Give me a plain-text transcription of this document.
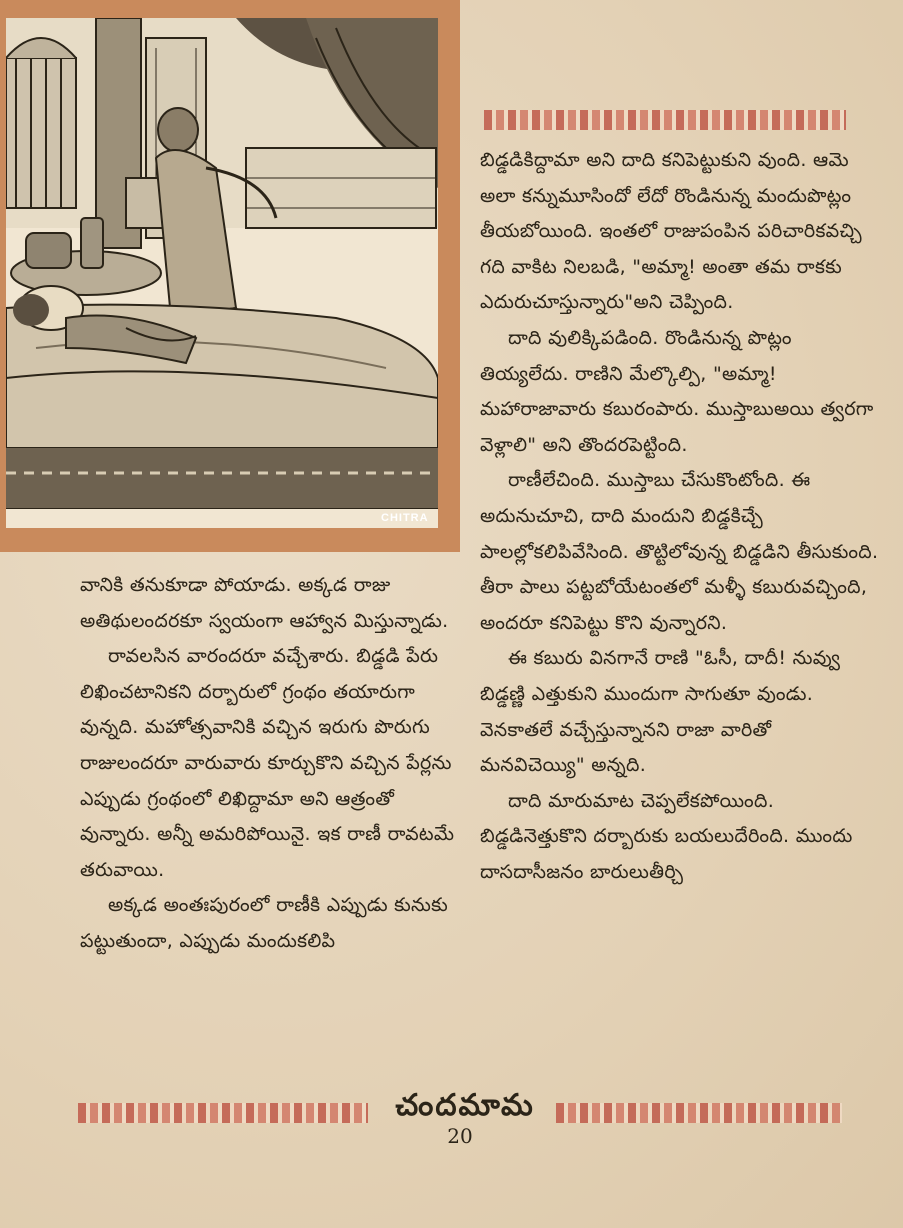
CHITRA

బిడ్డడికిద్దామా అని దాది కనిపెట్టుకుని వుంది. ఆమె అలా కన్నుమూసిందో లేదో రొండినున్న మందుపొట్లం తీయబోయింది. ఇంతలో రాజుపంపిన పరిచారికవచ్చి గది వాకిట నిలబడి, "అమ్మా! అంతా తమ రాకకు ఎదురుచూస్తున్నారు"అని చెప్పింది.

దాది వులిక్కిపడింది. రొండినున్న పొట్లం తియ్యలేదు. రాణిని మేల్కొల్పి, "అమ్మా! మహారాజావారు కబురంపారు. ముస్తాబుఅయి త్వరగా వెళ్లాలి" అని తొందరపెట్టింది.

రాణీలేచింది. ముస్తాబు చేసుకొంటోంది. ఈ అదునుచూచి, దాది మందుని బిడ్డకిచ్చే పాలల్లోకలిపివేసింది. తొట్టిలోవున్న బిడ్డడిని తీసుకుంది. తీరా పాలు పట్టబోయేటంతలో మళ్ళీ కబురువచ్చింది, అందరూ కనిపెట్టు కొని వున్నారని.

ఈ కబురు వినగానే రాణి "ఓసీ, దాదీ! నువ్వు బిడ్డణ్ణి ఎత్తుకుని ముందుగా సాగుతూ వుండు. వెనకాతలే వచ్చేస్తున్నానని రాజా వారితో మనవిచెయ్యి" అన్నది.

దాది మారుమాట చెప్పలేకపోయింది. బిడ్డడినెత్తుకొని దర్బారుకు బయలుదేరింది. ముందు దాసదాసీజనం బారులుతీర్చి

వానికి తనుకూడా పోయాడు. అక్కడ రాజు అతిథులందరకూ స్వయంగా ఆహ్వాన మిస్తున్నాడు.

రావలసిన వారందరూ వచ్చేశారు. బిడ్డడి పేరు లిఖించటానికని దర్బారులో గ్రంథం తయారుగా వున్నది. మహోత్సవానికి వచ్చిన ఇరుగు పొరుగు రాజులందరూ వారువారు కూర్చుకొని వచ్చిన పేర్లను ఎప్పుడు గ్రంథంలో లిఖిద్దామా అని ఆత్రంతో వున్నారు. అన్నీ అమరిపోయినై. ఇక రాణీ రావటమే తరువాయి.

అక్కడ అంతఃపురంలో రాణీకి ఎప్పుడు కునుకు పట్టుతుందా, ఎప్పుడు మందుకలిపి

చందమామ
20
